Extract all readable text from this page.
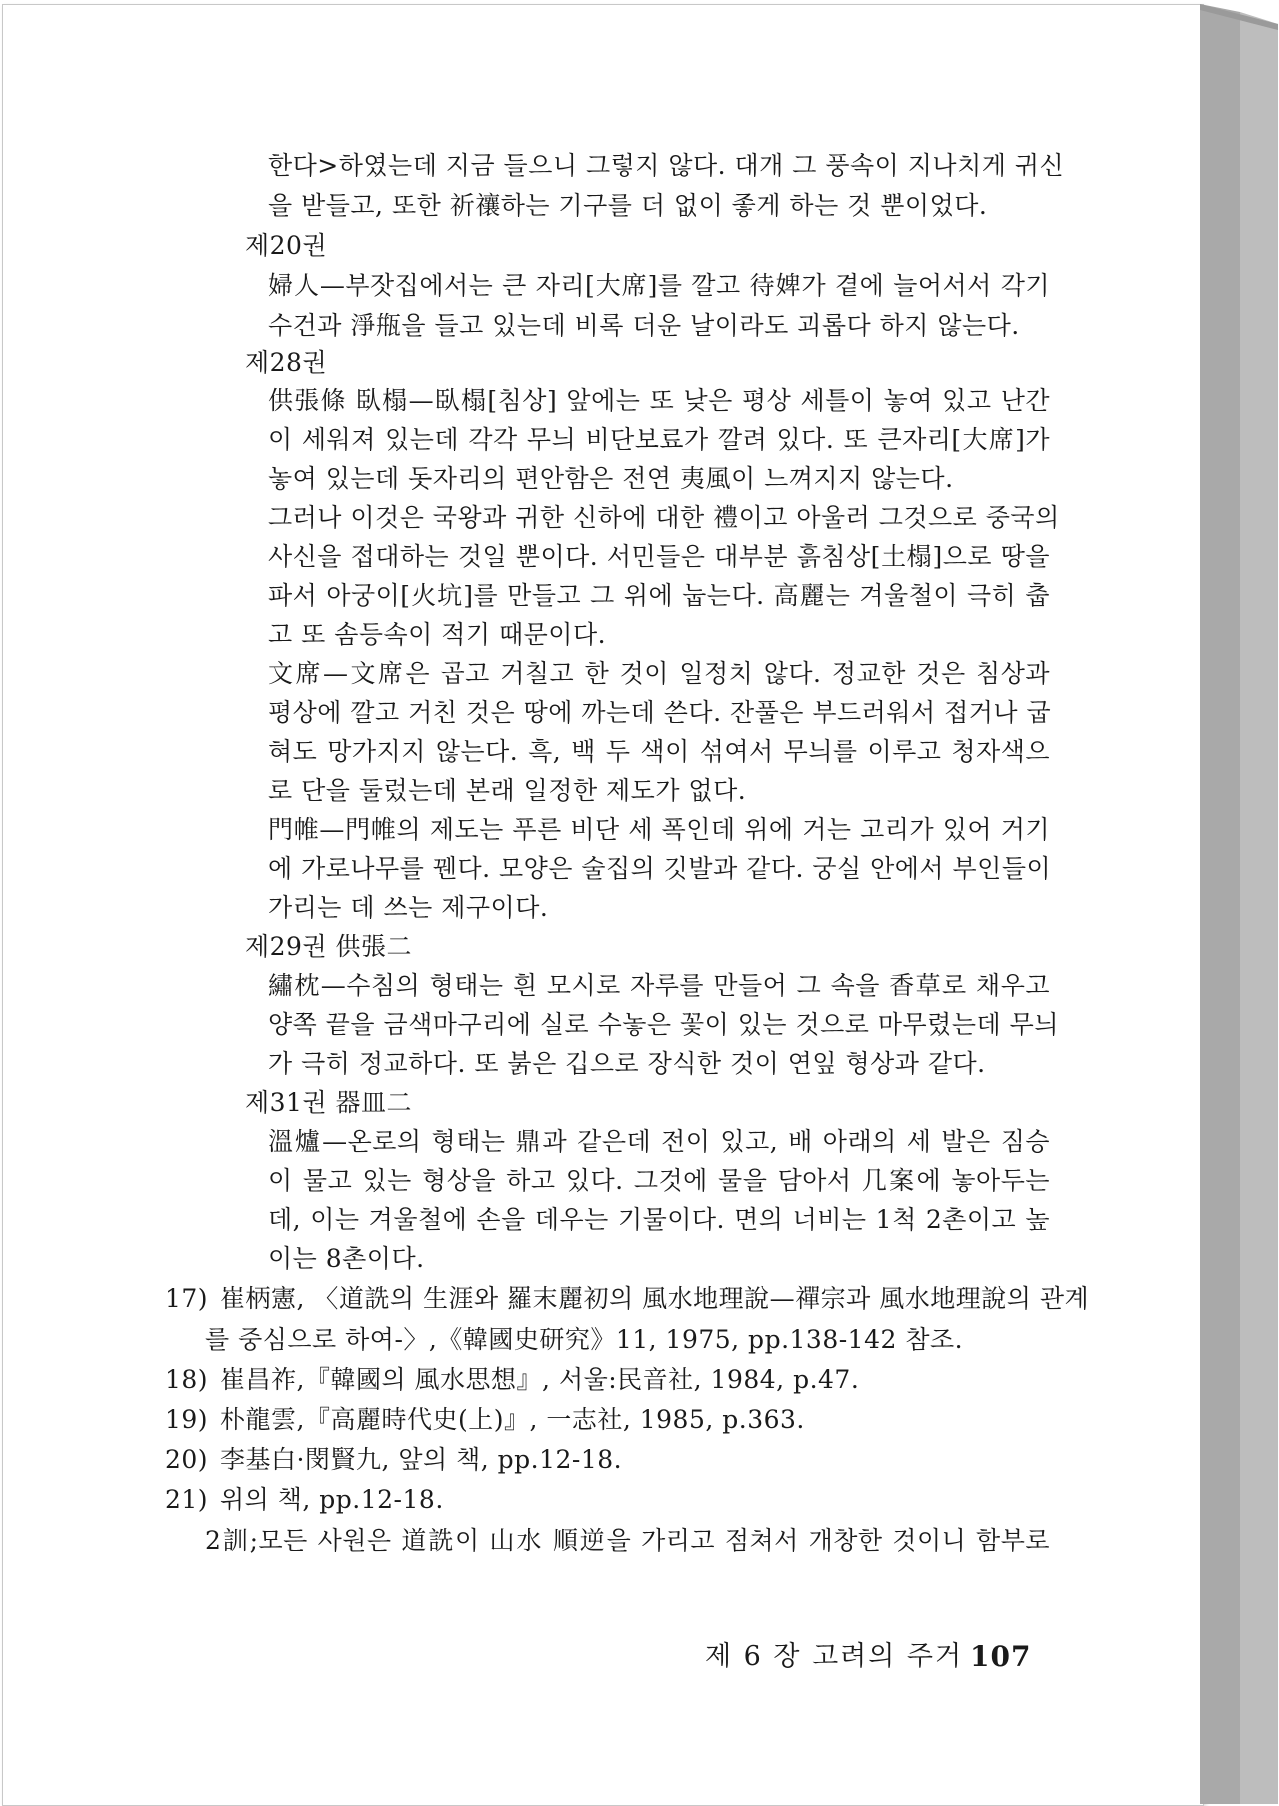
한다>하였는데 지금 들으니 그렇지 않다. 대개 그 풍속이 지나치게 귀신
을 받들고, 또한 祈禳하는 기구를 더 없이 좋게 하는 것 뿐이었다.
제20권
婦人—부잣집에서는 큰 자리[大席]를 깔고 待婢가 곁에 늘어서서 각기
수건과 淨甁을 들고 있는데 비록 더운 날이라도 괴롭다 하지 않는다.
제28권
供張條 臥榻—臥榻[침상] 앞에는 또 낮은 평상 세틀이 놓여 있고 난간
이 세워져 있는데 각각 무늬 비단보료가 깔려 있다. 또 큰자리[大席]가
놓여 있는데 돗자리의 편안함은 전연 夷風이 느껴지지 않는다.
그러나 이것은 국왕과 귀한 신하에 대한 禮이고 아울러 그것으로 중국의
사신을 접대하는 것일 뿐이다. 서민들은 대부분 흙침상[土榻]으로 땅을
파서 아궁이[火坑]를 만들고 그 위에 눕는다. 高麗는 겨울철이 극히 춥
고 또 솜등속이 적기 때문이다.
文席—文席은 곱고 거칠고 한 것이 일정치 않다. 정교한 것은 침상과
평상에 깔고 거친 것은 땅에 까는데 쓴다. 잔풀은 부드러워서 접거나 굽
혀도 망가지지 않는다. 흑, 백 두 색이 섞여서 무늬를 이루고 청자색으
로 단을 둘렀는데 본래 일정한 제도가 없다.
門帷—門帷의 제도는 푸른 비단 세 폭인데 위에 거는 고리가 있어 거기
에 가로나무를 꿴다. 모양은 술집의 깃발과 같다. 궁실 안에서 부인들이
가리는 데 쓰는 제구이다.
제29권 供張二
繡枕—수침의 형태는 흰 모시로 자루를 만들어 그 속을 香草로 채우고
양쪽 끝을 금색마구리에 실로 수놓은 꽃이 있는 것으로 마무렸는데 무늬
가 극히 정교하다. 또 붉은 깁으로 장식한 것이 연잎 형상과 같다.
제31권 器皿二
溫爐—온로의 형태는 鼎과 같은데 전이 있고, 배 아래의 세 발은 짐승
이 물고 있는 형상을 하고 있다. 그것에 물을 담아서 几案에 놓아두는
데, 이는 겨울철에 손을 데우는 기물이다. 면의 너비는 1척 2촌이고 높
이는 8촌이다.
17) 崔柄憲, 〈道詵의 生涯와 羅末麗初의 風水地理說—禪宗과 風水地理說의 관계
를 중심으로 하여-〉,《韓國史研究》11, 1975, pp.138-142 참조.
18) 崔昌祚,『韓國의 風水思想』, 서울:民音社, 1984, p.47.
19) 朴龍雲,『高麗時代史(上)』, 一志社, 1985, p.363.
20) 李基白·閔賢九, 앞의 책, pp.12-18.
21) 위의 책, pp.12-18.
2訓;모든 사원은 道詵이 山水 順逆을 가리고 점쳐서 개창한 것이니 함부로
제 6 장 고려의 주거 107
